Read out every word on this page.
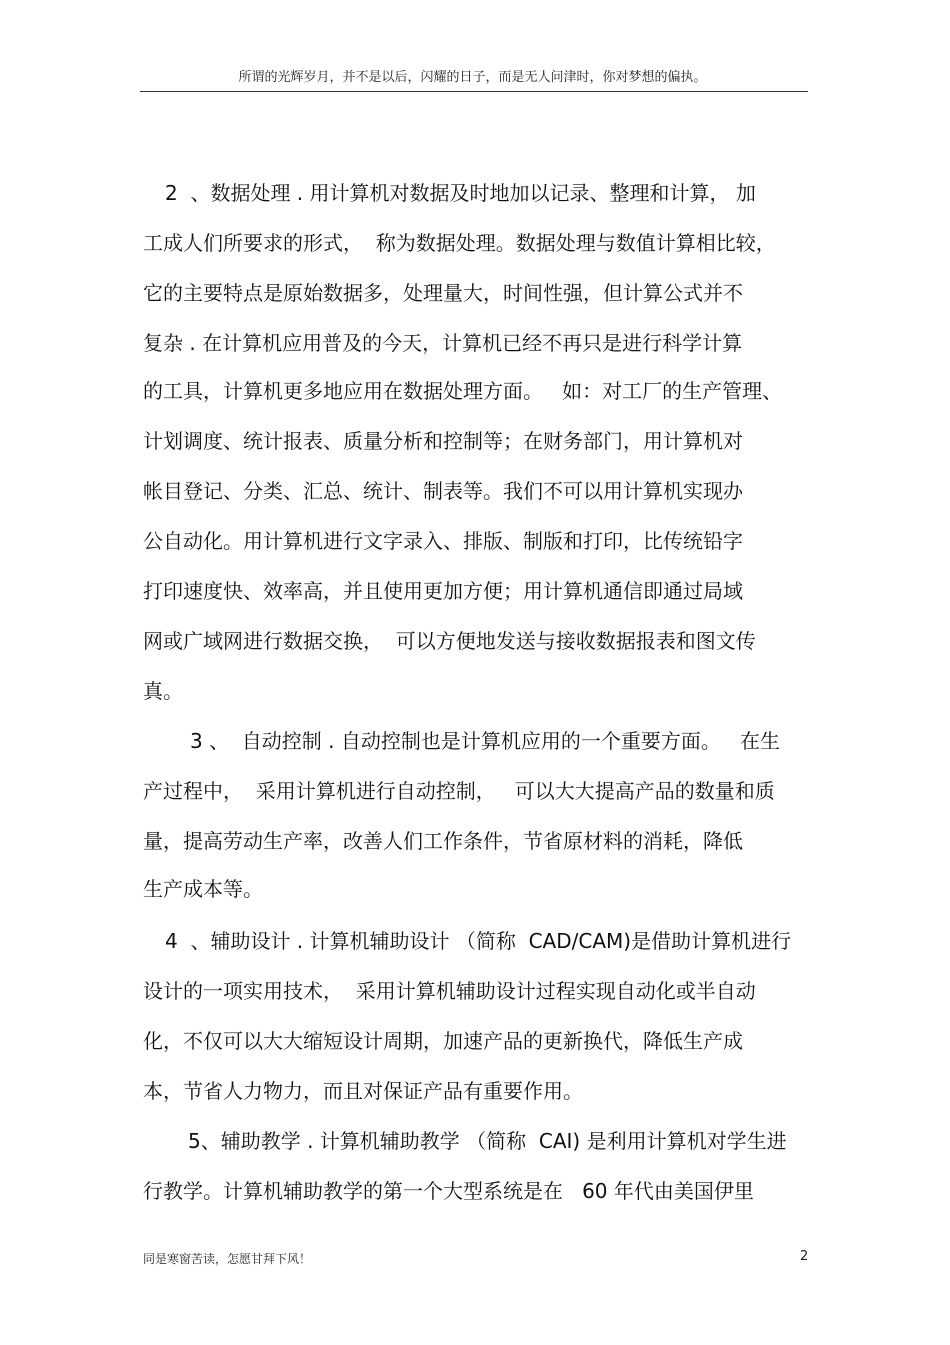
所谓的光辉岁月，并不是以后，闪耀的日子，而是无人问津时，你对梦想的偏执。
2  、数据处理 . 用计算机对数据及时地加以记录、整理和计算， 加
工成人们所要求的形式，  称为数据处理。数据处理与数值计算相比较，
它的主要特点是原始数据多，处理量大，时间性强，但计算公式并不
复杂 . 在计算机应用普及的今天，计算机已经不再只是进行科学计算
的工具，计算机更多地应用在数据处理方面。   如：对工厂的生产管理、
计划调度、统计报表、质量分析和控制等；在财务部门，用计算机对
帐目登记、分类、汇总、统计、制表等。我们不可以用计算机实现办
公自动化。用计算机进行文字录入、排版、制版和打印，比传统铅字
打印速度快、效率高，并且使用更加方便；用计算机通信即通过局域
网或广域网进行数据交换，  可以方便地发送与接收数据报表和图文传
真。
3 、  自动控制 . 自动控制也是计算机应用的一个重要方面。   在生
产过程中，  采用计算机进行自动控制，   可以大大提高产品的数量和质
量，提高劳动生产率，改善人们工作条件，节省原材料的消耗，降低
生产成本等。
4  、辅助设计 . 计算机辅助设计 （简称  CAD/CAM)是借助计算机进行
设计的一项实用技术，  采用计算机辅助设计过程实现自动化或半自动
化，不仅可以大大缩短设计周期，加速产品的更新换代，降低生产成
本，节省人力物力，而且对保证产品有重要作用。
5、辅助教学 . 计算机辅助教学 （简称  CAI) 是利用计算机对学生进
行教学。计算机辅助教学的第一个大型系统是在   60 年代由美国伊里
同是寒窗苦读，怎愿甘拜下风！	2
